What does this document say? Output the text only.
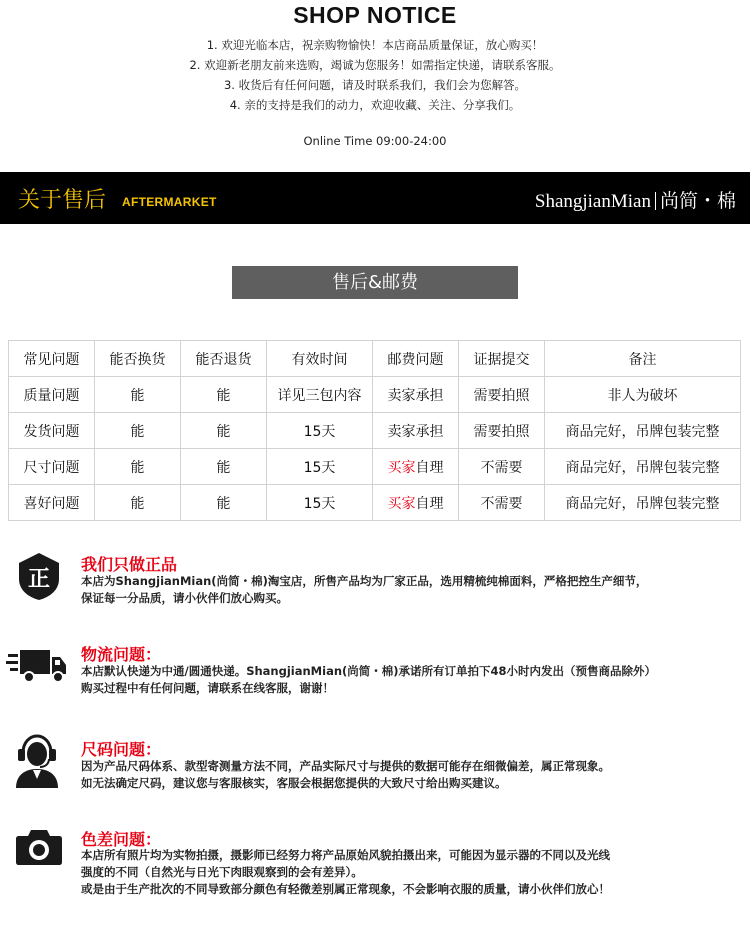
SHOP NOTICE
1. 欢迎光临本店，祝亲购物愉快！本店商品质量保证，放心购买！
2. 欢迎新老朋友前来选购，竭诚为您服务！如需指定快递，请联系客服。
3. 收货后有任何问题，请及时联系我们，我们会为您解答。
4. 亲的支持是我们的动力，欢迎收藏、关注、分享我们。
Online Time 09:00-24:00
关于售后 AFTERMARKET	ShangjianMian 尚简・棉
售后&邮费
常见问题	能否换货	能否退货	有效时间	邮费问题	证据提交	备注
质量问题	能	能	详见三包内容	卖家承担	需要拍照	非人为破坏
发货问题	能	能	15天	卖家承担	需要拍照	商品完好，吊牌包装完整
尺寸问题	能	能	15天	买家自理	不需要	商品完好，吊牌包装完整
喜好问题	能	能	15天	买家自理	不需要	商品完好，吊牌包装完整
正
我们只做正品
本店为ShangjianMian(尚简・棉)淘宝店，所售产品均为厂家正品，选用精梳纯棉面料，严格把控生产细节，
保证每一分品质，请小伙伴们放心购买。
物流问题：
本店默认快递为中通/圆通快递。ShangjianMian(尚简・棉)承诺所有订单拍下48小时内发出（预售商品除外）
购买过程中有任何问题，请联系在线客服，谢谢！
尺码问题：
因为产品尺码体系、款型寄测量方法不同，产品实际尺寸与提供的数据可能存在细微偏差，属正常现象。
如无法确定尺码，建议您与客服核实，客服会根据您提供的大致尺寸给出购买建议。
色差问题：
本店所有照片均为实物拍摄，摄影师已经努力将产品原始风貌拍摄出来，可能因为显示器的不同以及光线
强度的不同（自然光与日光下肉眼观察到的会有差异）。
或是由于生产批次的不同导致部分颜色有轻微差别属正常现象，不会影响衣服的质量，请小伙伴们放心！
